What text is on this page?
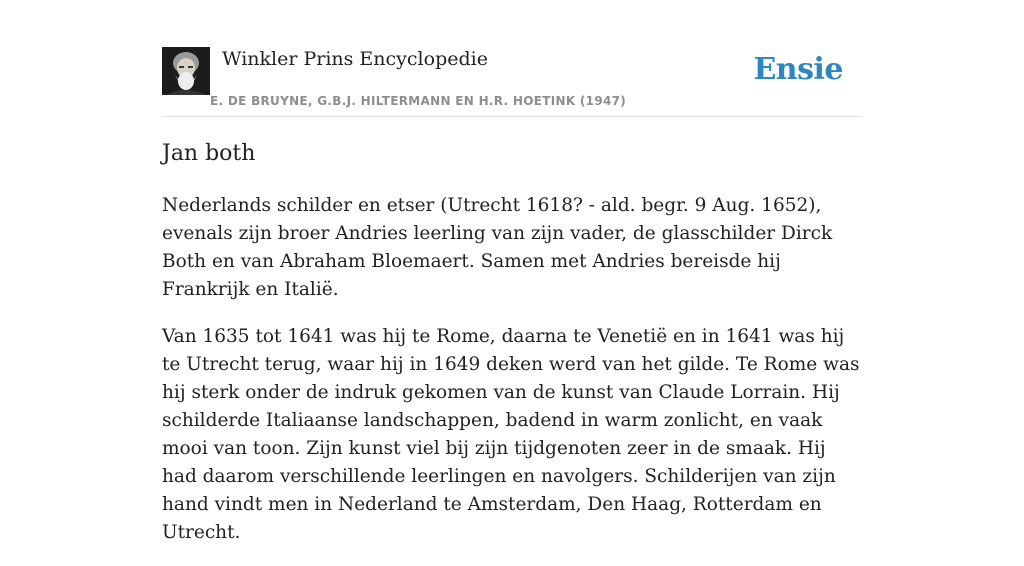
Winkler Prins Encyclopedie
E. DE BRUYNE, G.B.J. HILTERMANN EN H.R. HOETINK (1947)
Ensie
Jan both

Nederlands schilder en etser (Utrecht 1618? - ald. begr. 9 Aug. 1652), evenals zijn broer Andries leerling van zijn vader, de glasschilder Dirck Both en van Abraham Bloemaert. Samen met Andries bereisde hij Frankrijk en Italië.

Van 1635 tot 1641 was hij te Rome, daarna te Venetië en in 1641 was hij te Utrecht terug, waar hij in 1649 deken werd van het gilde. Te Rome was hij sterk onder de indruk gekomen van de kunst van Claude Lorrain. Hij schilderde Italiaanse landschappen, badend in warm zonlicht, en vaak mooi van toon. Zijn kunst viel bij zijn tijdgenoten zeer in de smaak. Hij had daarom verschillende leerlingen en navolgers. Schilderijen van zijn hand vindt men in Nederland te Amsterdam, Den Haag, Rotterdam en Utrecht.
